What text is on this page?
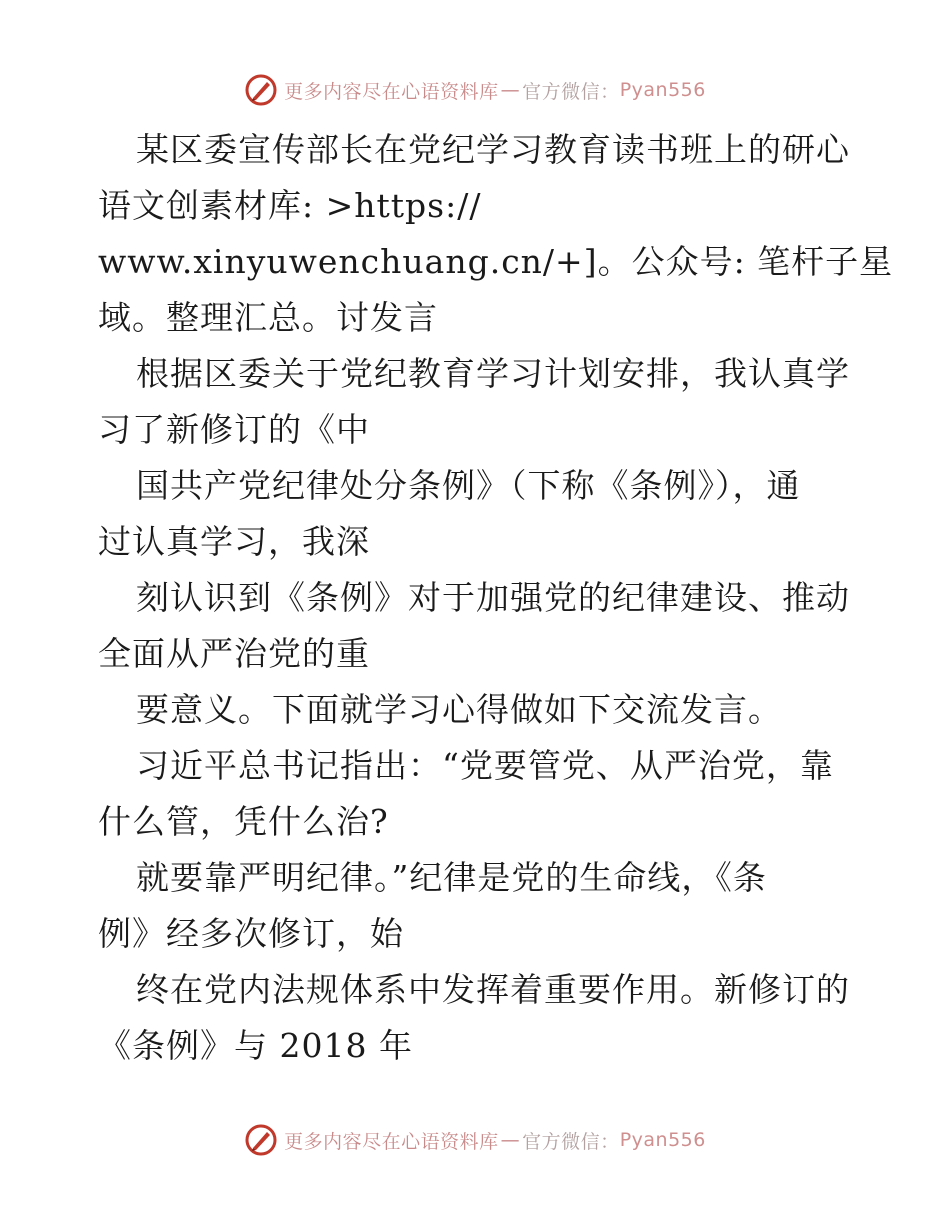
更多内容尽在心语资料库 — 官方微信： Pyan556
某区委宣传部长在党纪学习教育读书班上的研心
语文创素材库: >https://
www.xinyuwenchuang.cn/+]。公众号: 笔杆子星
域。整理汇总。讨发言
根据区委关于党纪教育学习计划安排，我认真学
习了新修订的《中
国共产党纪律处分条例》（下称《条例》），通
过认真学习，我深
刻认识到《条例》对于加强党的纪律建设、推动
全面从严治党的重
要意义。下面就学习心得做如下交流发言。
习近平总书记指出：“党要管党、从严治党，靠
什么管，凭什么治?
就要靠严明纪律。”纪律是党的生命线，《条
例》经多次修订，始
终在党内法规体系中发挥着重要作用。新修订的
《条例》与 2018 年
更多内容尽在心语资料库 — 官方微信： Pyan556
